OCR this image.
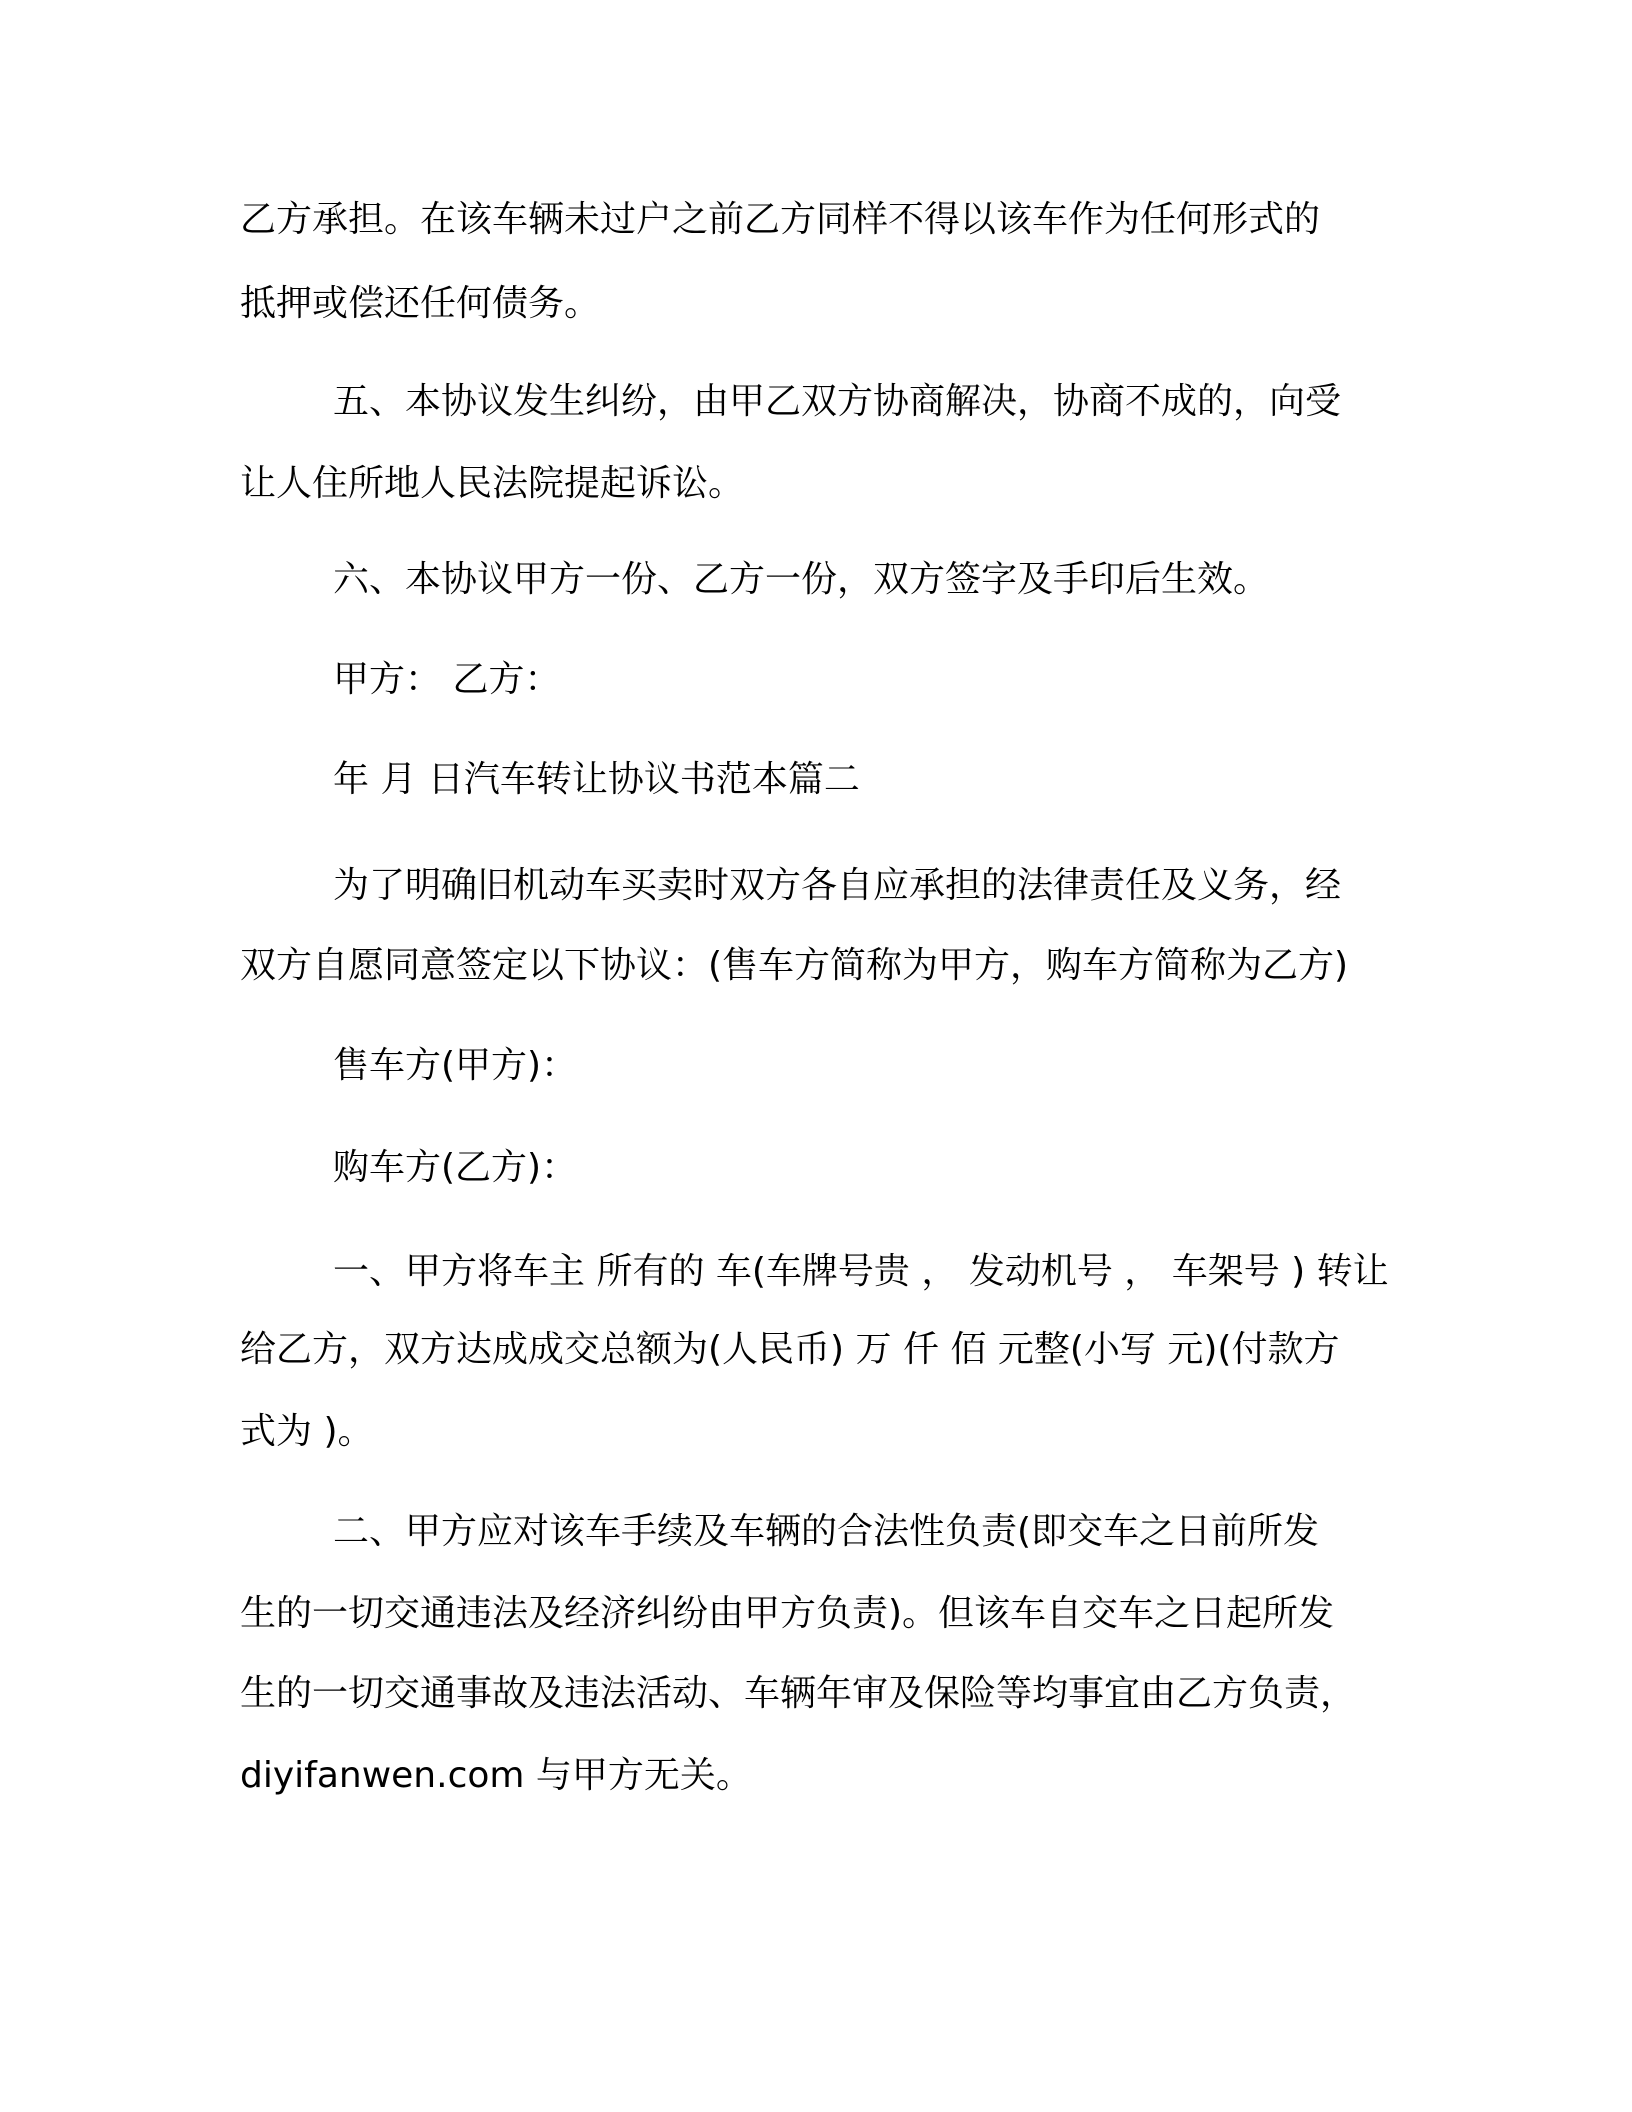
乙方承担。在该车辆未过户之前乙方同样不得以该车作为任何形式的
抵押或偿还任何债务。
五、本协议发生纠纷，由甲乙双方协商解决，协商不成的，向受
让人住所地人民法院提起诉讼。
六、本协议甲方一份、乙方一份，双方签字及手印后生效。
甲方： 乙方：
年 月 日汽车转让协议书范本篇二
为了明确旧机动车买卖时双方各自应承担的法律责任及义务，经
双方自愿同意签定以下协议：(售车方简称为甲方，购车方简称为乙方)
售车方(甲方)：
购车方(乙方)：
一、甲方将车主 所有的 车(车牌号贵 ， 发动机号 ， 车架号 ) 转让
给乙方，双方达成成交总额为(人民币) 万 仟 佰 元整(小写 元)(付款方
式为 )。
二、甲方应对该车手续及车辆的合法性负责(即交车之日前所发
生的一切交通违法及经济纠纷由甲方负责)。但该车自交车之日起所发
生的一切交通事故及违法活动、车辆年审及保险等均事宜由乙方负责，
diyifanwen.com 与甲方无关。
